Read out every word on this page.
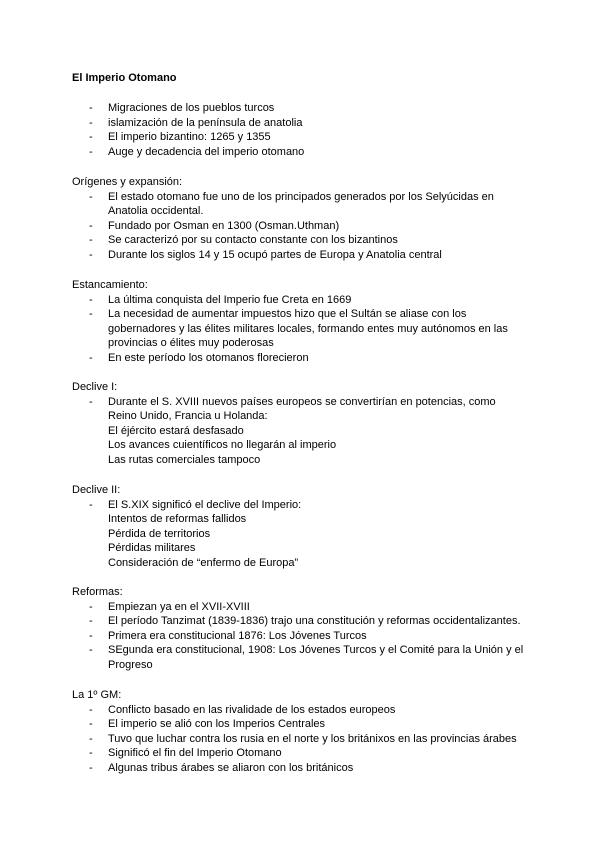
El Imperio Otomano
- Migraciones de los pueblos turcos
- islamización de la península de anatolia
- El imperio bizantino: 1265 y 1355
- Auge y decadencia del imperio otomano
Orígenes y expansión:
- El estado otomano fue uno de los principados generados por los Selyúcidas en
Anatolia occidental.
- Fundado por Osman en 1300 (Osman.Uthman)
- Se caracterizó por su contacto constante con los bizantinos
- Durante los siglos 14 y 15 ocupó partes de Europa y Anatolia central
Estancamiento:
- La última conquista del Imperio fue Creta en 1669
- La necesidad de aumentar impuestos hizo que el Sultán se aliase con los
gobernadores y las élites militares locales, formando entes muy autónomos en las
provincias o élites muy poderosas
- En este período los otomanos florecieron
Declive I:
- Durante el S. XVIII nuevos países europeos se convertirían en potencias, como
Reino Unido, Francia u Holanda:
El éjército estará desfasado
Los avances cuientíficos no llegarán al imperio
Las rutas comerciales tampoco
Declive II:
- El S.XIX significó el declive del Imperio:
Intentos de reformas fallidos
Pérdida de territorios
Pérdidas militares
Consideración de “enfermo de Europa”
Reformas:
- Empiezan ya en el XVII-XVIII
- El período Tanzimat (1839-1836) trajo una constitución y reformas occidentalizantes.
- Primera era constitucional 1876: Los Jóvenes Turcos
- SEgunda era constitucional, 1908: Los Jóvenes Turcos y el Comité para la Unión y el
Progreso
La 1º GM:
- Conflicto basado en las rivalidade de los estados europeos
- El imperio se alió con los Imperios Centrales
- Tuvo que luchar contra los rusia en el norte y los británixos en las provincias árabes
- Significó el fin del Imperio Otomano
- Algunas tribus árabes se aliaron con los británicos
